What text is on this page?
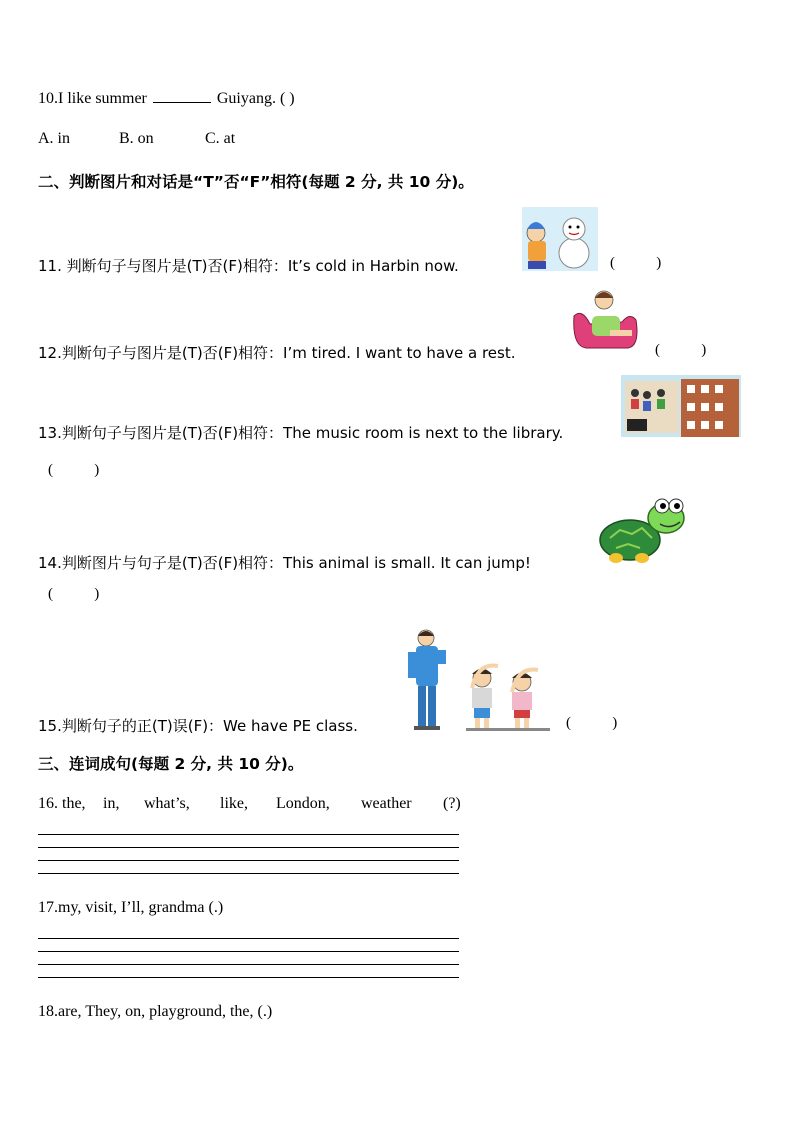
10.I like summer	Guiyang. ( )
A. in	B. on	C. at
二、判断图片和对话是“T”否“F”相符(每题 2 分, 共 10 分)。
11. 判断句子与图片是(T)否(F)相符：It’s cold in Harbin now.	(           )
12.判断句子与图片是(T)否(F)相符：I’m tired. I want to have a rest.	(           )
13.判断句子与图片是(T)否(F)相符：The music room is next to the library.
(           )
14.判断图片与句子是(T)否(F)相符：This animal is small. It can jump!
(           )
15.判断句子的正(T)误(F)：We have PE class.	(           )
三、连词成句(每题 2 分, 共 10 分)。
16. the, in, what’s, like, London, weather (?)
17.my, visit, I’ll, grandma (.)
18.are, They, on, playground, the, (.)
